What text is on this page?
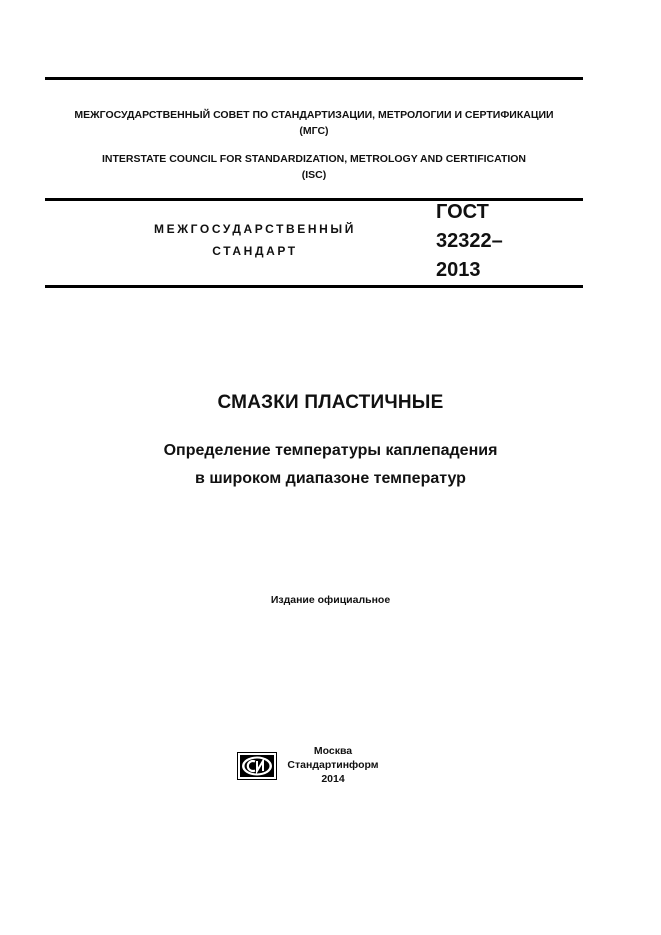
МЕЖГОСУДАРСТВЕННЫЙ СОВЕТ ПО СТАНДАРТИЗАЦИИ, МЕТРОЛОГИИ И СЕРТИФИКАЦИИ
(МГС)
INTERSTATE COUNCIL FOR STANDARDIZATION, METROLOGY AND CERTIFICATION
(ISC)
МЕЖГОСУДАРСТВЕННЫЙ
СТАНДАРТ
ГОСТ
32322–
2013
СМАЗКИ ПЛАСТИЧНЫЕ
Определение температуры каплепадения
в широком диапазоне температур
Издание официальное
Москва
Стандартинформ
2014
